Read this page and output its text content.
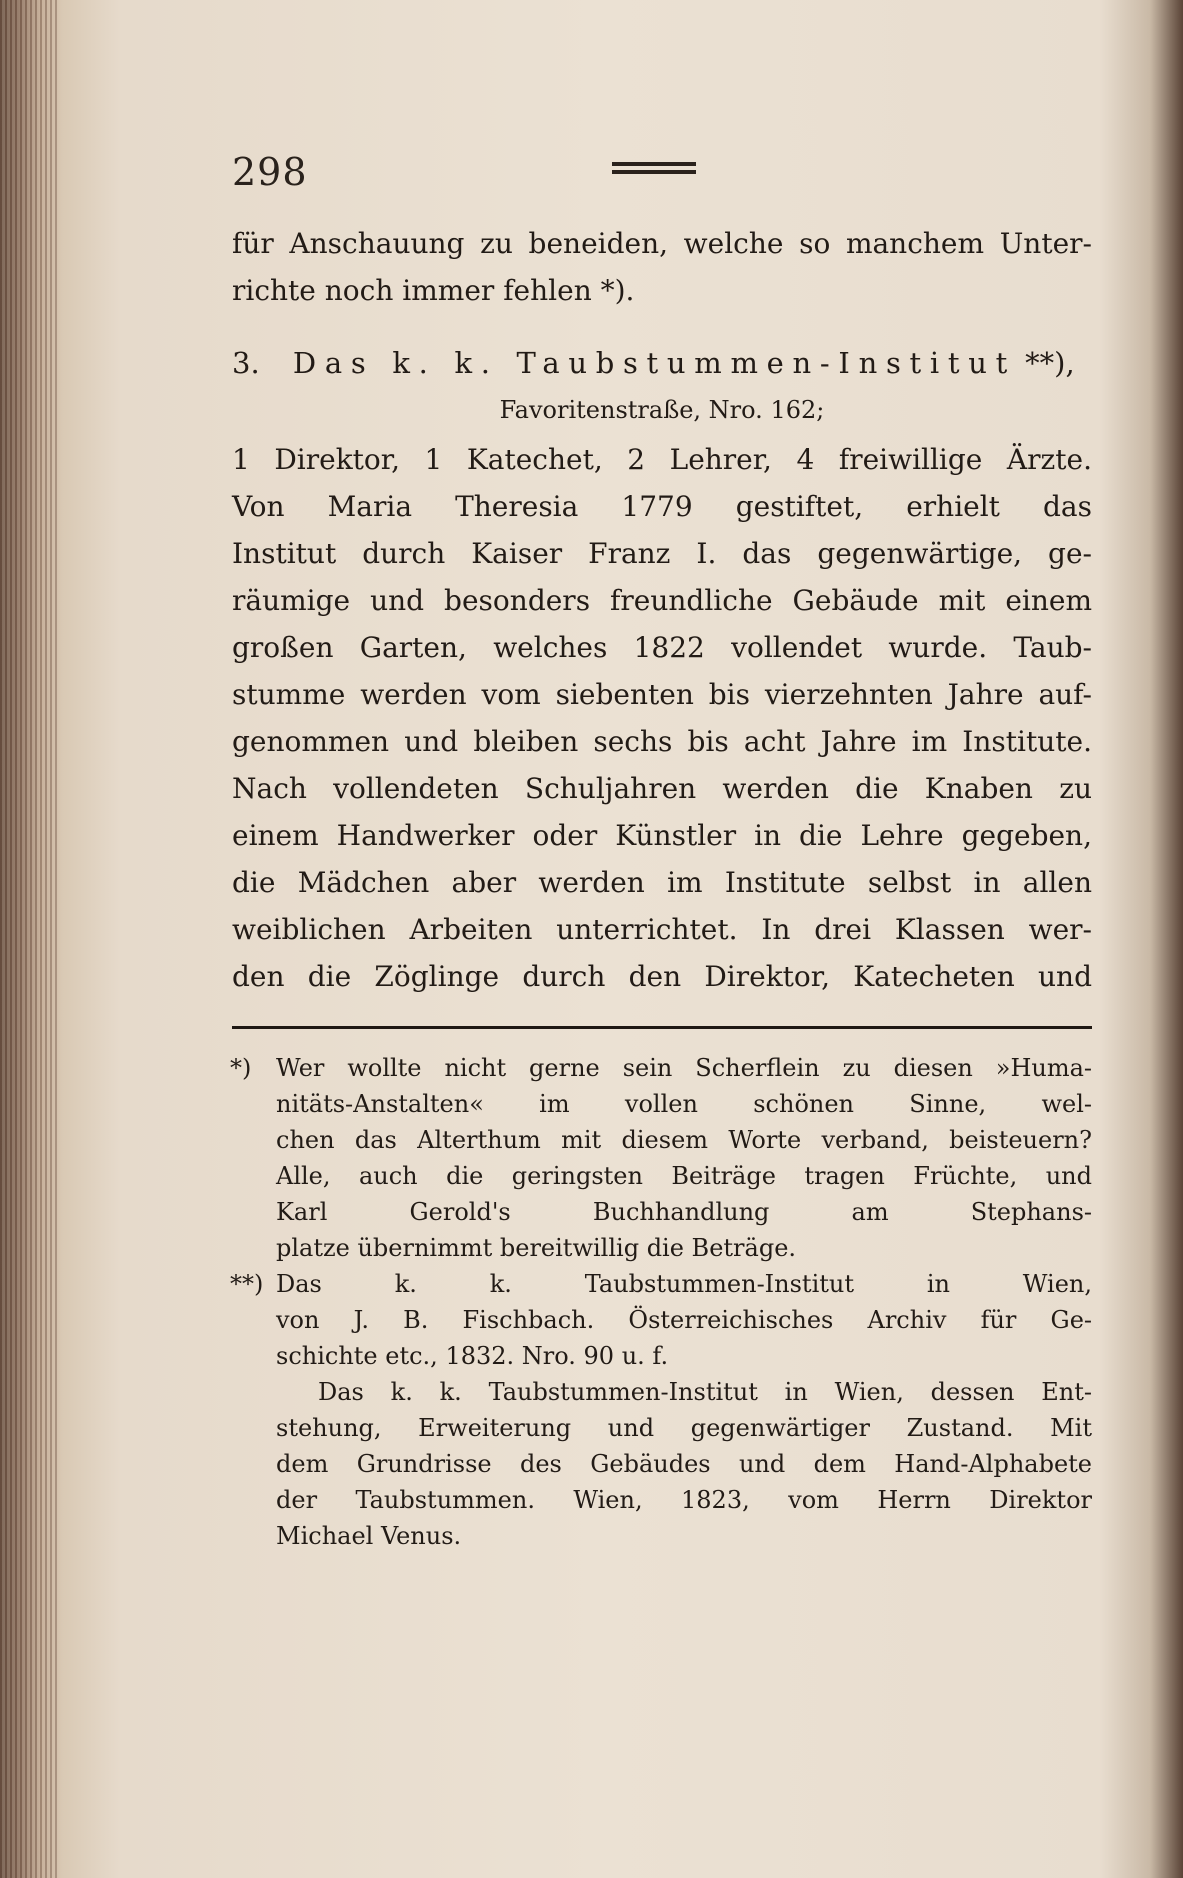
298
für Anschauung zu beneiden, welche so manchem Unter-
richte noch immer fehlen *).
3. Das k. k. Taubstummen-Institut **),
Favoritenstraße, Nro. 162;
1 Direktor, 1 Katechet, 2 Lehrer, 4 freiwillige Ärzte.
Von Maria Theresia 1779 gestiftet, erhielt das
Institut durch Kaiser Franz I. das gegenwärtige, ge-
räumige und besonders freundliche Gebäude mit einem
großen Garten, welches 1822 vollendet wurde. Taub-
stumme werden vom siebenten bis vierzehnten Jahre auf-
genommen und bleiben sechs bis acht Jahre im Institute.
Nach vollendeten Schuljahren werden die Knaben zu
einem Handwerker oder Künstler in die Lehre gegeben,
die Mädchen aber werden im Institute selbst in allen
weiblichen Arbeiten unterrichtet. In drei Klassen wer-
den die Zöglinge durch den Direktor, Katecheten und
*) Wer wollte nicht gerne sein Scherflein zu diesen »Huma-
nitäts-Anstalten« im vollen schönen Sinne, wel-
chen das Alterthum mit diesem Worte verband, beisteuern?
Alle, auch die geringsten Beiträge tragen Früchte, und
Karl Gerold's Buchhandlung am Stephans-
platze übernimmt bereitwillig die Beträge.
**) Das k. k. Taubstummen-Institut in Wien,
von J. B. Fischbach. Österreichisches Archiv für Ge-
schichte etc., 1832. Nro. 90 u. f.
Das k. k. Taubstummen-Institut in Wien, dessen Ent-
stehung, Erweiterung und gegenwärtiger Zustand. Mit
dem Grundrisse des Gebäudes und dem Hand-Alphabete
der Taubstummen. Wien, 1823, vom Herrn Direktor
Michael Venus.
